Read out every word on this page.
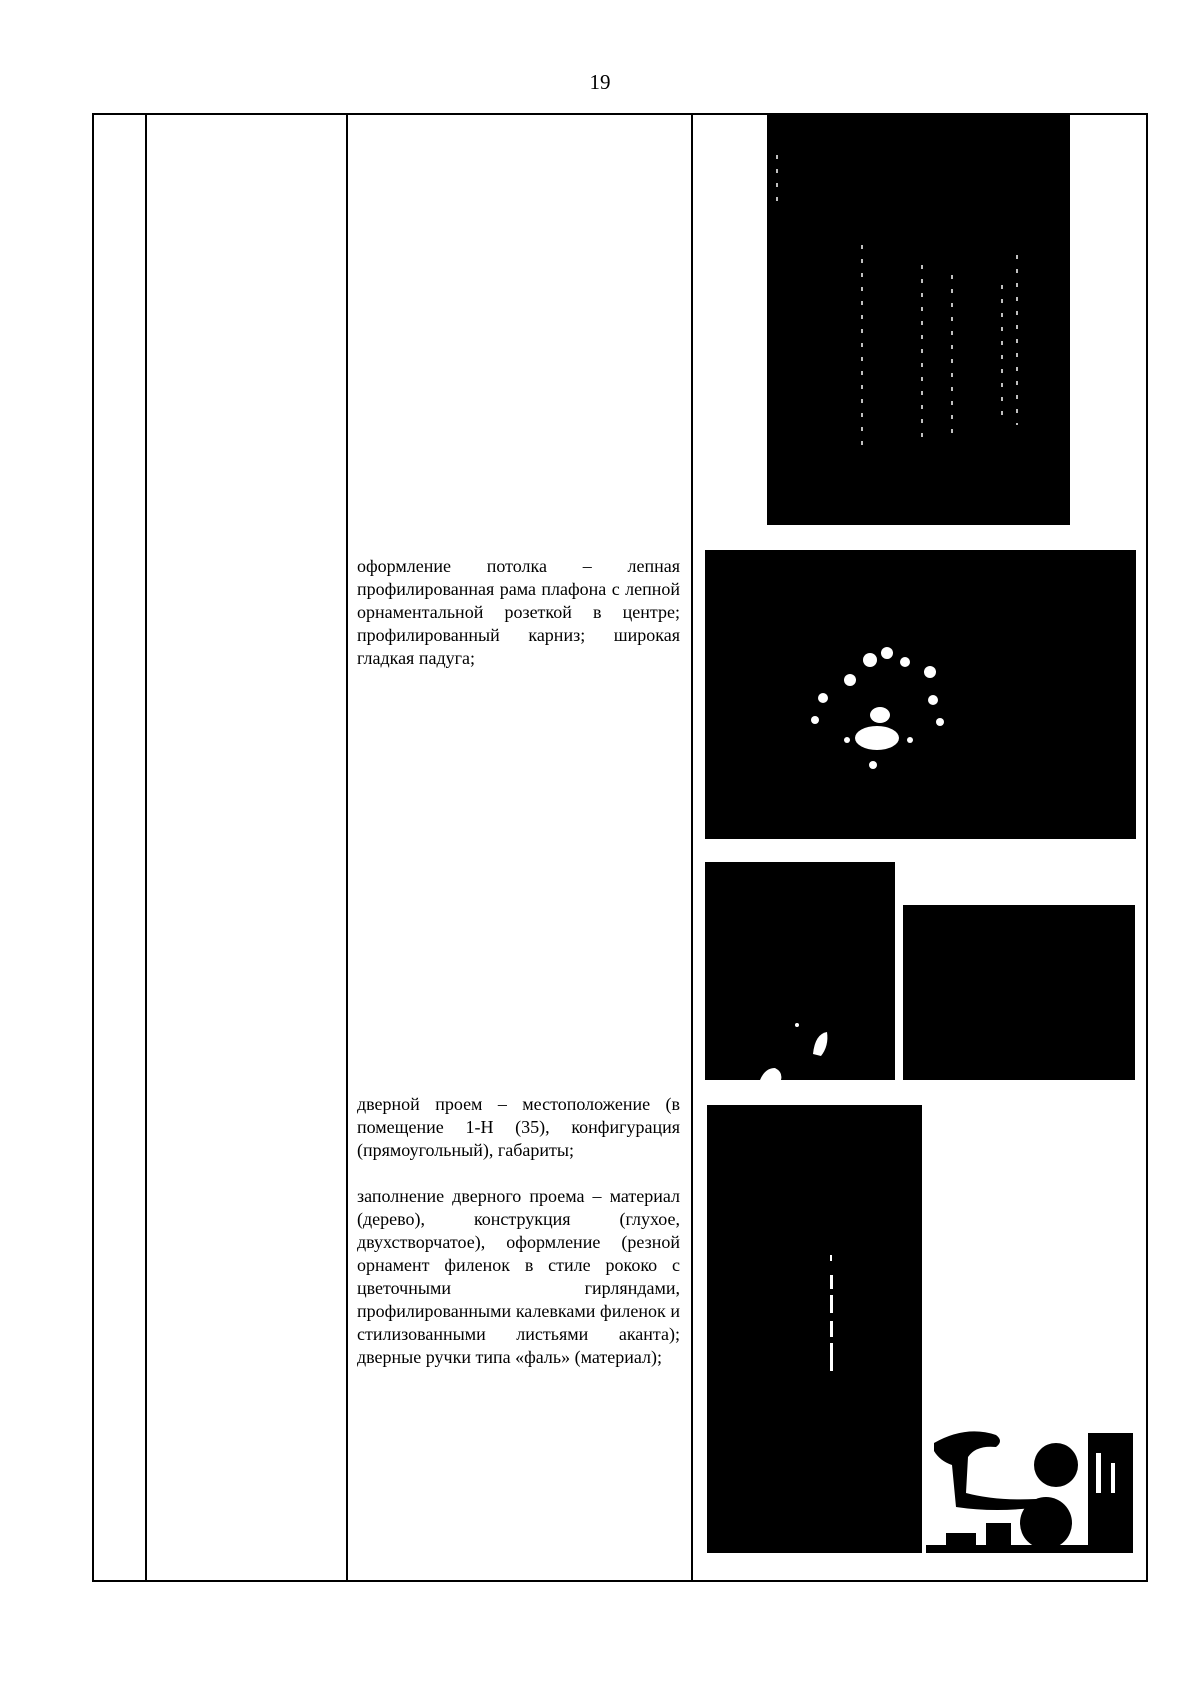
19
оформление потолка – лепная профилированная рама плафона с лепной орнаментальной розеткой в центре; профилированный карниз; широкая гладкая падуга;
дверной проем – местоположение (в помещение 1-Н (35), конфигурация (прямоугольный), габариты;
заполнение дверного проема – материал (дерево), конструкция (глухое, двухстворчатое), оформление (резной орнамент филенок в стиле рококо с цветочными гирляндами, профилированными калевками филенок и стилизованными листьями аканта); дверные ручки типа «фаль» (материал);
